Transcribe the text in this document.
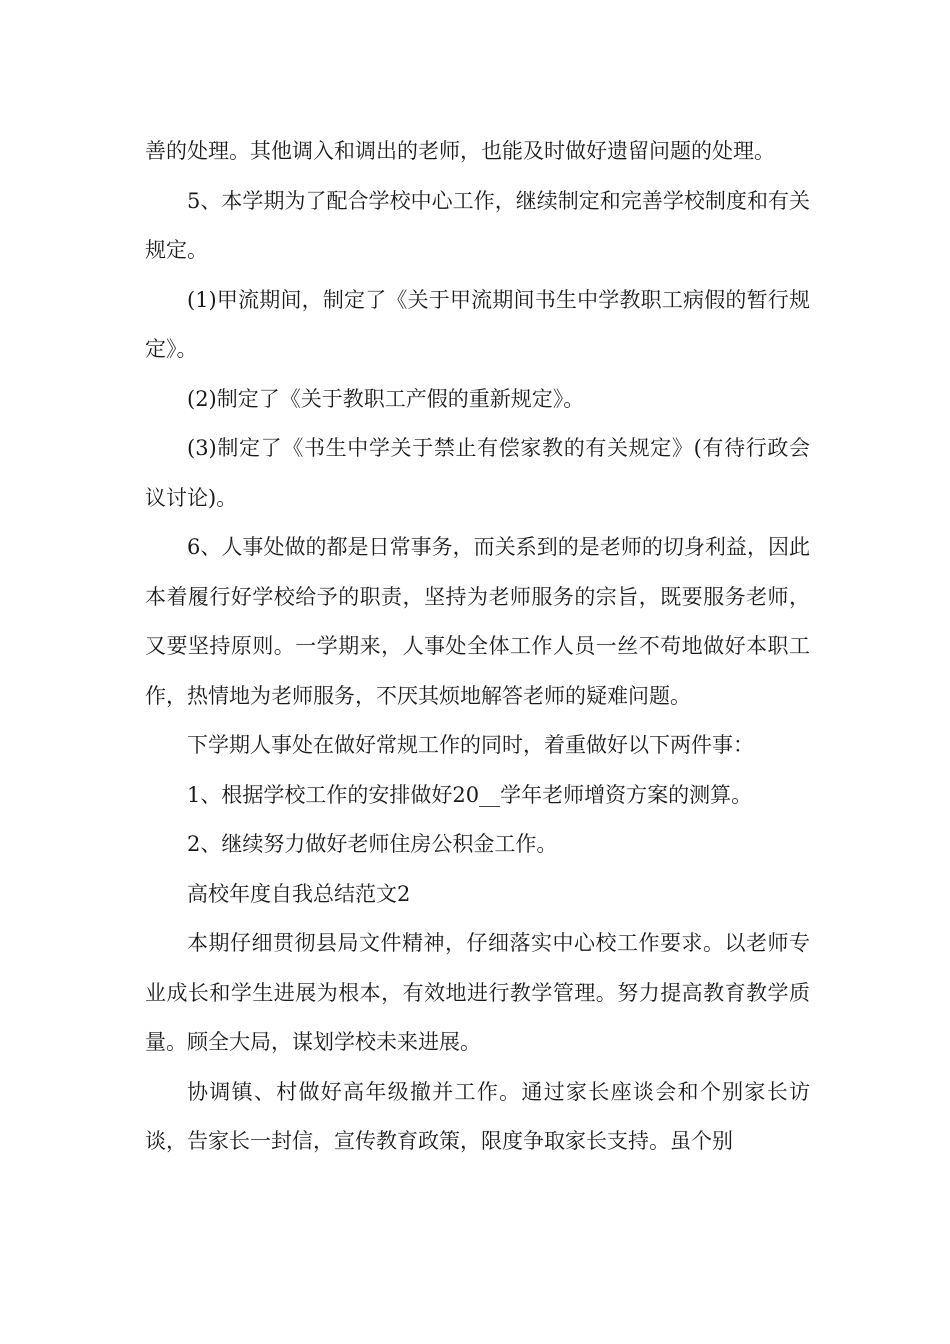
善的处理。其他调入和调出的老师，也能及时做好遗留问题的处理。

5、本学期为了配合学校中心工作，继续制定和完善学校制度和有关规定。

(1)甲流期间，制定了《关于甲流期间书生中学教职工病假的暂行规定》。

(2)制定了《关于教职工产假的重新规定》。

(3)制定了《书生中学关于禁止有偿家教的有关规定》(有待行政会议讨论)。

6、人事处做的都是日常事务，而关系到的是老师的切身利益，因此本着履行好学校给予的职责，坚持为老师服务的宗旨，既要服务老师，又要坚持原则。一学期来，人事处全体工作人员一丝不苟地做好本职工作，热情地为老师服务，不厌其烦地解答老师的疑难问题。

下学期人事处在做好常规工作的同时，着重做好以下两件事：

1、根据学校工作的安排做好20__学年老师增资方案的测算。

2、继续努力做好老师住房公积金工作。

高校年度自我总结范文2

本期仔细贯彻县局文件精神，仔细落实中心校工作要求。以老师专业成长和学生进展为根本，有效地进行教学管理。努力提高教育教学质量。顾全大局，谋划学校未来进展。

协调镇、村做好高年级撤并工作。通过家长座谈会和个别家长访谈，告家长一封信，宣传教育政策，限度争取家长支持。虽个别
